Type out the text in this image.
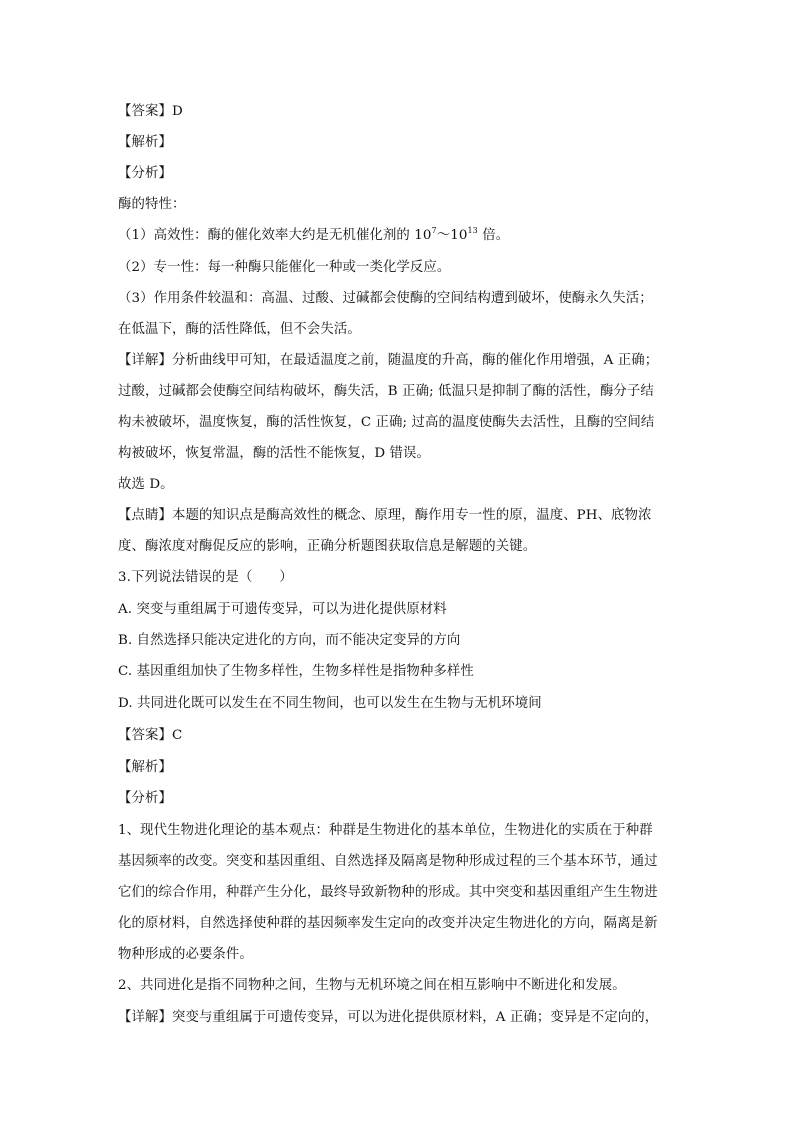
【答案】D
【解析】
【分析】
酶的特性：
（1）高效性：酶的催化效率大约是无机催化剂的 $10^7\sim 10^{13}$ 倍。
（2）专一性：每一种酶只能催化一种或一类化学反应。
（3）作用条件较温和：高温、过酸、过碱都会使酶的空间结构遭到破坏，使酶永久失活；
在低温下，酶的活性降低，但不会失活。
【详解】分析曲线甲可知，在最适温度之前，随温度的升高，酶的催化作用增强，A 正确；
过酸，过碱都会使酶空间结构破坏，酶失活，B 正确; 低温只是抑制了酶的活性，酶分子结
构未被破坏，温度恢复，酶的活性恢复，C 正确; 过高的温度使酶失去活性，且酶的空间结
构被破坏，恢复常温，酶的活性不能恢复，D 错误。
故选 D。
【点睛】本题的知识点是酶高效性的概念、原理，酶作用专一性的原，温度、PH、底物浓
度、酶浓度对酶促反应的影响，正确分析题图获取信息是解题的关键。
3.下列说法错误的是（　　）
A. 突变与重组属于可遗传变异，可以为进化提供原材料
B. 自然选择只能决定进化的方向，而不能决定变异的方向
C. 基因重组加快了生物多样性，生物多样性是指物种多样性
D. 共同进化既可以发生在不同生物间，也可以发生在生物与无机环境间
【答案】C
【解析】
【分析】
1、现代生物进化理论的基本观点：种群是生物进化的基本单位，生物进化的实质在于种群
基因频率的改变。突变和基因重组、自然选择及隔离是物种形成过程的三个基本环节，通过
它们的综合作用，种群产生分化，最终导致新物种的形成。其中突变和基因重组产生生物进
化的原材料，自然选择使种群的基因频率发生定向的改变并决定生物进化的方向，隔离是新
物种形成的必要条件。
2、共同进化是指不同物种之间，生物与无机环境之间在相互影响中不断进化和发展。
【详解】突变与重组属于可遗传变异，可以为进化提供原材料，A 正确；变异是不定向的，
